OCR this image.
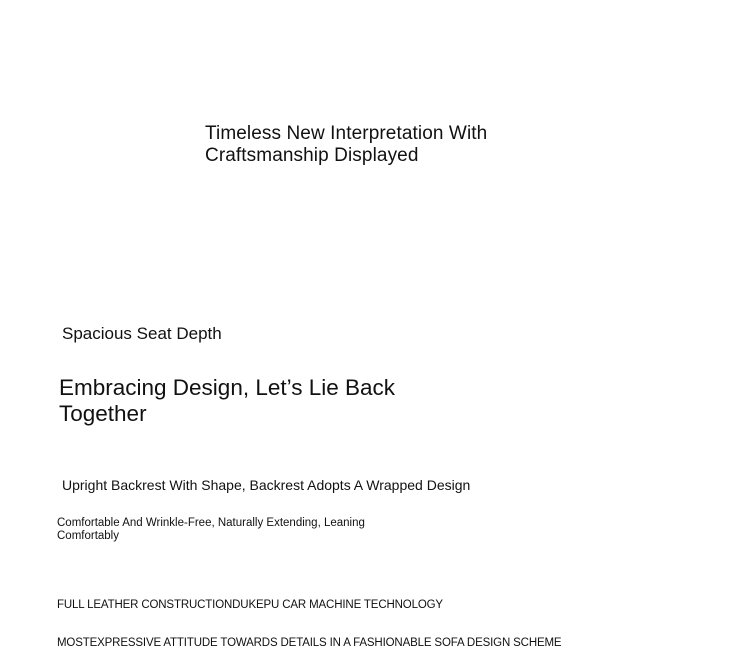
Timeless New Interpretation With
Craftsmanship Displayed
Spacious Seat Depth
Embracing Design, Let’s Lie Back
Together
Upright Backrest With Shape, Backrest Adopts A Wrapped Design

Comfortable And Wrinkle-Free, Naturally Extending, Leaning
Comfortably

FULL LEATHER CONSTRUCTIONDUKEPU CAR MACHINE TECHNOLOGY

MOSTEXPRESSIVE ATTITUDE TOWARDS DETAILS IN A FASHIONABLE SOFA DESIGN SCHEME
